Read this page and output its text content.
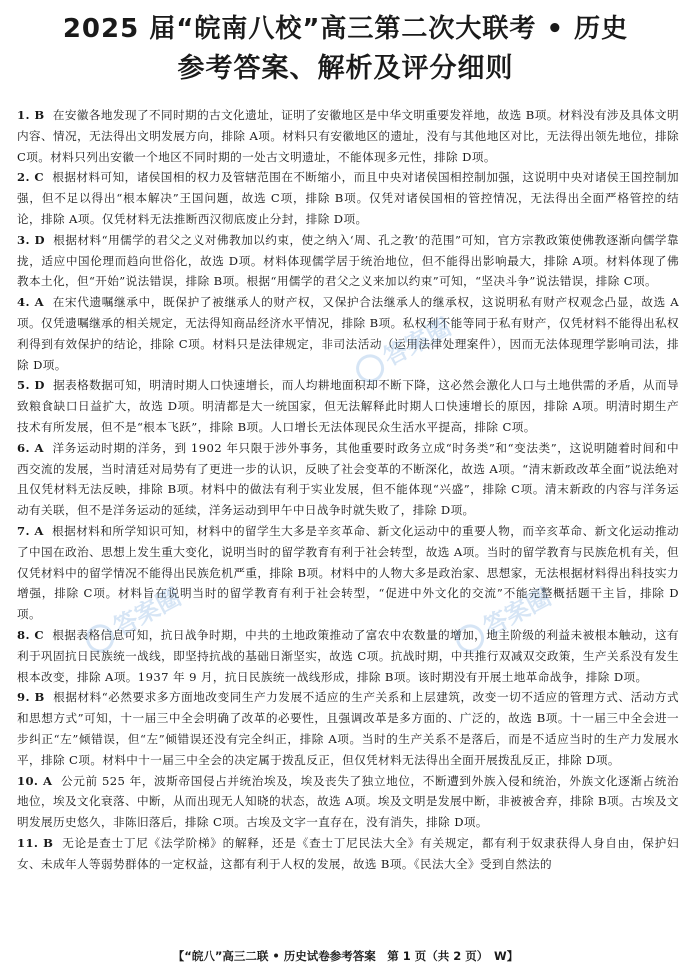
2025 届“皖南八校”高三第二次大联考 • 历史
参考答案、解析及评分细则

1. B 在安徽各地发现了不同时期的古文化遗址，证明了安徽地区是中华文明重要发祥地，故选 B项。材料没有涉及具体文明内容、情况，无法得出文明发展方向，排除 A项。材料只有安徽地区的遗址，没有与其他地区对比，无法得出领先地位，排除 C项。材料只列出安徽一个地区不同时期的一处古文明遗址，不能体现多元性，排除 D项。

2. C 根据材料可知，诸侯国相的权力及管辖范围在不断缩小，而且中央对诸侯国相控制加强，这说明中央对诸侯王国控制加强，但不足以得出“根本解决”王国问题，故选 C项，排除 B项。仅凭对诸侯国相的管控情况，无法得出全面严格管控的结论，排除 A项。仅凭材料无法推断西汉彻底废止分封，排除 D项。

3. D 根据材料“用儒学的君父之义对佛教加以约束，使之纳入‘周、孔之教’的范围”可知，官方宗教政策使佛教逐渐向儒学靠拢，适应中国伦理而趋向世俗化，故选 D项。材料体现儒学居于统治地位，但不能得出影响最大，排除 A项。材料体现了佛教本土化，但“开始”说法错误，排除 B项。根据“用儒学的君父之义来加以约束”可知，“坚决斗争”说法错误，排除 C项。

4. A 在宋代遗嘱继承中，既保护了被继承人的财产权，又保护合法继承人的继承权，这说明私有财产权观念凸显，故选 A项。仅凭遗嘱继承的相关规定，无法得知商品经济水平情况，排除 B项。私权利不能等同于私有财产，仅凭材料不能得出私权利得到有效保护的结论，排除 C项。材料只是法律规定，非司法活动（运用法律处理案件），因而无法体现理学影响司法，排除 D项。

5. D 据表格数据可知，明清时期人口快速增长，而人均耕地面积却不断下降，这必然会激化人口与土地供需的矛盾，从而导致粮食缺口日益扩大，故选 D项。明清都是大一统国家，但无法解释此时期人口快速增长的原因，排除 A项。明清时期生产技术有所发展，但不是“根本飞跃”，排除 B项。人口增长无法体现民众生活水平提高，排除 C项。

6. A 洋务运动时期的洋务，到 1902 年只限于涉外事务，其他重要时政务立成“时务类”和“变法类”，这说明随着时间和中西交流的发展，当时清廷对局势有了更进一步的认识，反映了社会变革的不断深化，故选 A项。“清末新政改革全面”说法绝对且仅凭材料无法反映，排除 B项。材料中的做法有利于实业发展，但不能体现“兴盛”，排除 C项。清末新政的内容与洋务运动有关联，但不是洋务运动的延续，洋务运动到甲午中日战争时就失败了，排除 D项。

7. A 根据材料和所学知识可知，材料中的留学生大多是辛亥革命、新文化运动中的重要人物，而辛亥革命、新文化运动推动了中国在政治、思想上发生重大变化，说明当时的留学教育有利于社会转型，故选 A项。当时的留学教育与民族危机有关，但仅凭材料中的留学情况不能得出民族危机严重，排除 B项。材料中的人物大多是政治家、思想家，无法根据材料得出科技实力增强，排除 C项。材料旨在说明当时的留学教育有利于社会转型，“促进中外文化的交流”不能完整概括题干主旨，排除 D项。

8. C 根据表格信息可知，抗日战争时期，中共的土地政策推动了富农中农数量的增加，地主阶级的利益未被根本触动，这有利于巩固抗日民族统一战线，即坚持抗战的基础日渐坚实，故选 C项。抗战时期，中共推行双减双交政策，生产关系没有发生根本改变，排除 A项。1937 年 9 月，抗日民族统一战线形成，排除 B项。该时期没有开展土地革命战争，排除 D项。

9. B 根据材料“必然要求多方面地改变同生产力发展不适应的生产关系和上层建筑，改变一切不适应的管理方式、活动方式和思想方式”可知，十一届三中全会明确了改革的必要性，且强调改革是多方面的、广泛的，故选 B项。十一届三中全会进一步纠正“左”倾错误，但“左”倾错误还没有完全纠正，排除 A项。当时的生产关系不是落后，而是不适应当时的生产力发展水平，排除 C项。材料中十一届三中全会的决定属于拨乱反正，但仅凭材料无法得出全面开展拨乱反正，排除 D项。

10. A 公元前 525 年，波斯帝国侵占并统治埃及，埃及丧失了独立地位，不断遭到外族入侵和统治，外族文化逐渐占统治地位，埃及文化衰落、中断，从而出现无人知晓的状态，故选 A项。埃及文明是发展中断，非被被舍弃，排除 B项。古埃及文明发展历史悠久，非陈旧落后，排除 C项。古埃及文字一直存在，没有消失，排除 D项。

11. B 无论是查士丁尼《法学阶梯》的解释，还是《查士丁尼民法大全》有关规定，都有利于奴隶获得人身自由，保护妇女、未成年人等弱势群体的一定权益，这都有利于人权的发展，故选 B项。《民法大全》受到自然法的

答案圈
答案圈	答案圈
【“皖八”高三二联 • 历史试卷参考答案　第 1 页（共 2 页）　W】
